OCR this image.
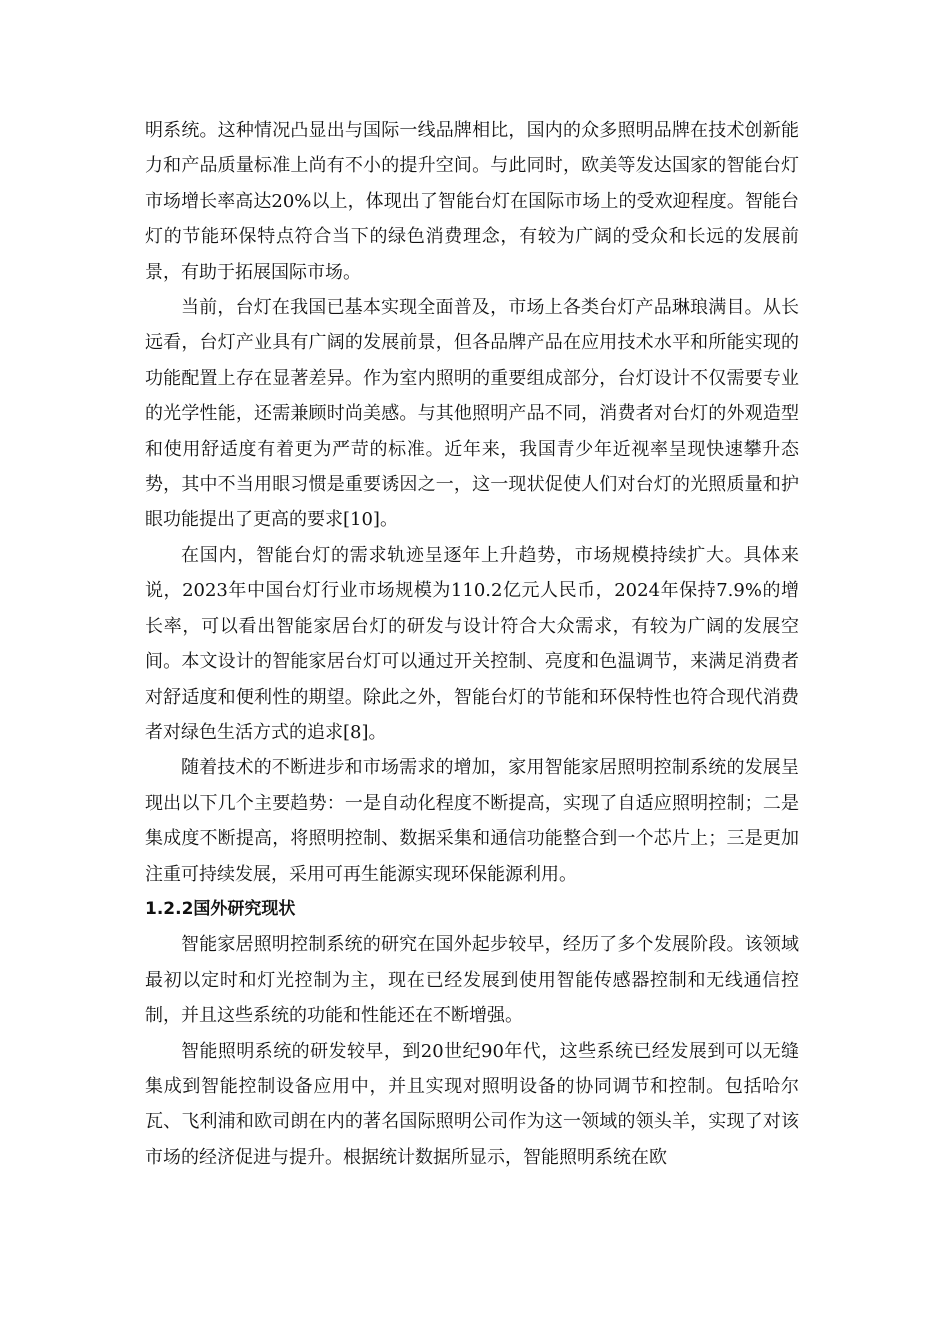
明系统。这种情况凸显出与国际一线品牌相比，国内的众多照明品牌在技术创新能力和产品质量标准上尚有不小的提升空间。与此同时，欧美等发达国家的智能台灯市场增长率高达20%以上，体现出了智能台灯在国际市场上的受欢迎程度。智能台灯的节能环保特点符合当下的绿色消费理念，有较为广阔的受众和长远的发展前景，有助于拓展国际市场。

当前，台灯在我国已基本实现全面普及，市场上各类台灯产品琳琅满目。从长远看，台灯产业具有广阔的发展前景，但各品牌产品在应用技术水平和所能实现的功能配置上存在显著差异。作为室内照明的重要组成部分，台灯设计不仅需要专业的光学性能，还需兼顾时尚美感。与其他照明产品不同，消费者对台灯的外观造型和使用舒适度有着更为严苛的标准。近年来，我国青少年近视率呈现快速攀升态势，其中不当用眼习惯是重要诱因之一，这一现状促使人们对台灯的光照质量和护眼功能提出了更高的要求[10]。

在国内，智能台灯的需求轨迹呈逐年上升趋势，市场规模持续扩大。具体来说，2023年中国台灯行业市场规模为110.2亿元人民币，2024年保持7.9%的增长率，可以看出智能家居台灯的研发与设计符合大众需求，有较为广阔的发展空间。本文设计的智能家居台灯可以通过开关控制、亮度和色温调节，来满足消费者对舒适度和便利性的期望。除此之外，智能台灯的节能和环保特性也符合现代消费者对绿色生活方式的追求[8]。

随着技术的不断进步和市场需求的增加，家用智能家居照明控制系统的发展呈现出以下几个主要趋势：一是自动化程度不断提高，实现了自适应照明控制；二是集成度不断提高，将照明控制、数据采集和通信功能整合到一个芯片上；三是更加注重可持续发展，采用可再生能源实现环保能源利用。

1.2.2国外研究现状

智能家居照明控制系统的研究在国外起步较早，经历了多个发展阶段。该领域最初以定时和灯光控制为主，现在已经发展到使用智能传感器控制和无线通信控制，并且这些系统的功能和性能还在不断增强。

智能照明系统的研发较早，到20世纪90年代，这些系统已经发展到可以无缝集成到智能控制设备应用中，并且实现对照明设备的协同调节和控制。包括哈尔瓦、飞利浦和欧司朗在内的著名国际照明公司作为这一领域的领头羊，实现了对该市场的经济促进与提升。根据统计数据所显示，智能照明系统在欧
